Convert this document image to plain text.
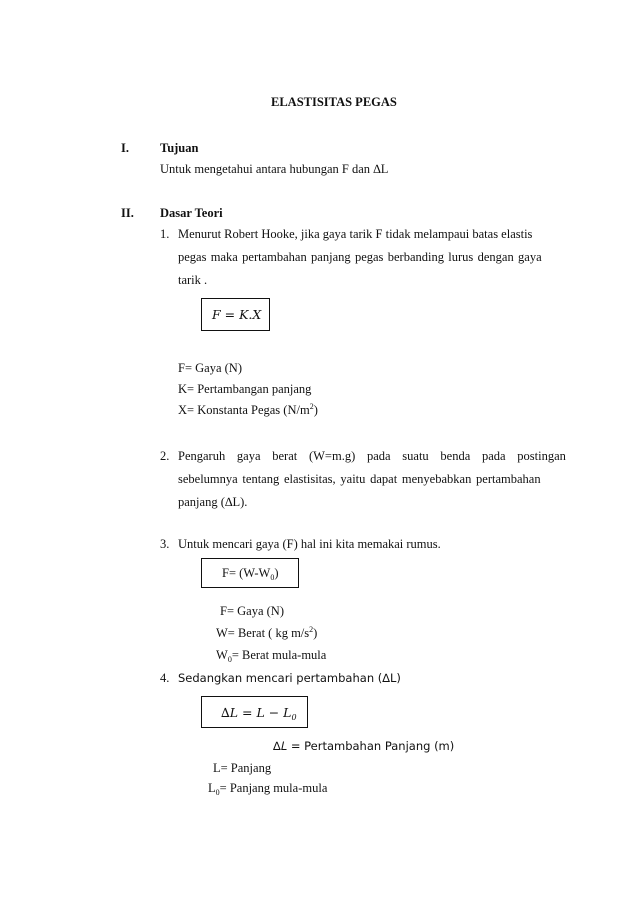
ELASTISITAS PEGAS
I. Tujuan
Untuk mengetahui antara hubungan F dan ∆L
II. Dasar Teori
1. Menurut Robert Hooke, jika gaya tarik F tidak melampaui batas elastis
pegas maka pertambahan panjang pegas berbanding lurus dengan gaya
tarik .
𝐹 = 𝐾.X
F= Gaya (N)
K= Pertambangan panjang
X= Konstanta Pegas $(N/m^2)$
2. Pengaruh gaya berat (W=m.g) pada suatu benda pada postingan
sebelumnya tentang elastisitas, yaitu dapat menyebabkan pertambahan
panjang (∆L).
3. Untuk mencari gaya (F) hal ini kita memakai rumus.
$F= (W-W_0)$
F= Gaya (N)
W= Berat ( kg $m/s^2$)
$W_0=$ Berat mula-mula
4. Sedangkan mencari pertambahan (∆L)
∆𝐿 = 𝐿 − 𝐿$_0$
∆𝐿 = Pertambahan Panjang (m)
L= Panjang
$L_0=$ Panjang mula-mula
